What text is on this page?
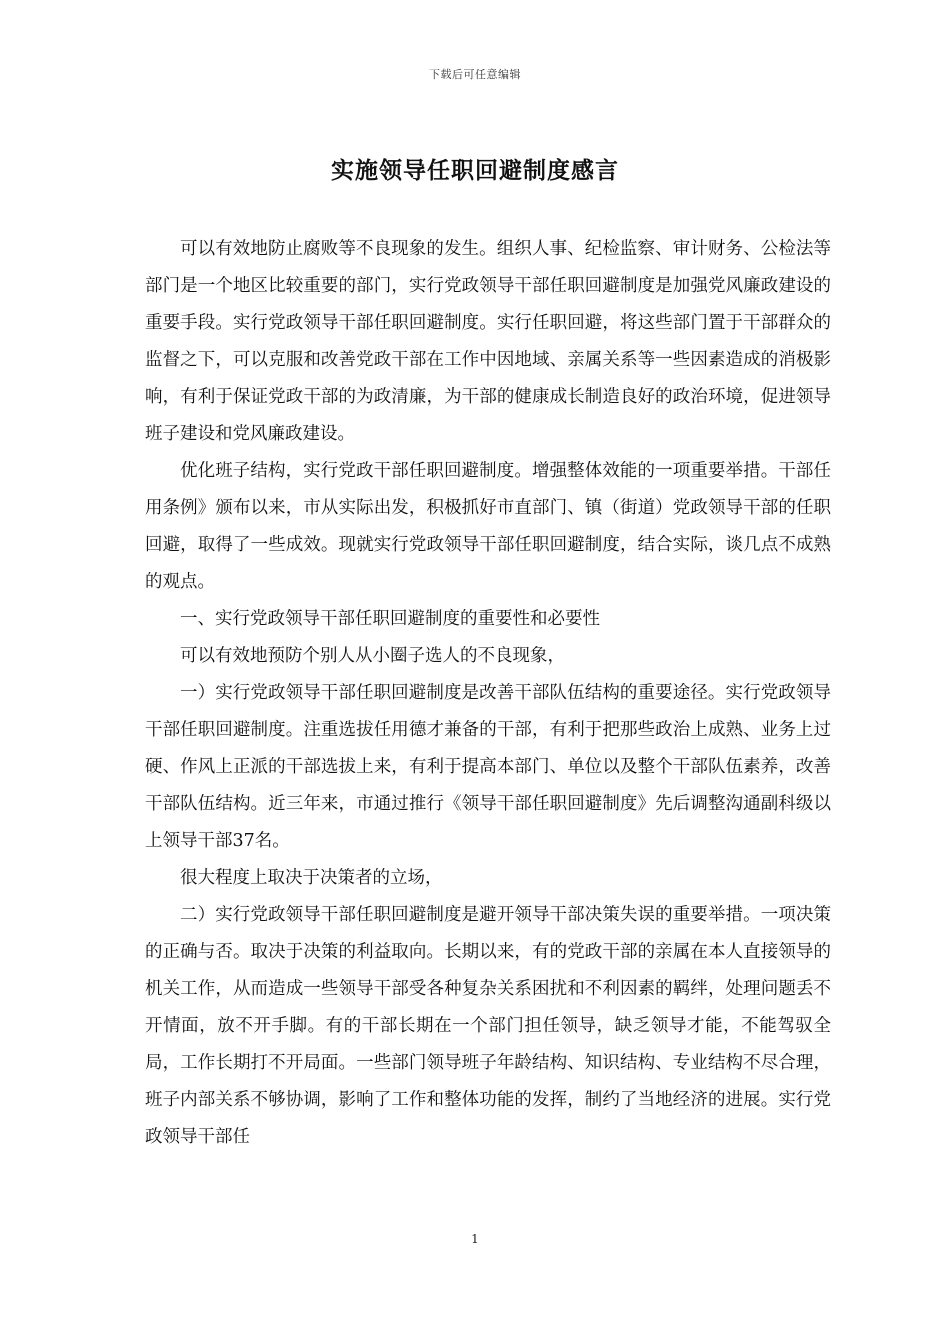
下载后可任意编辑
实施领导任职回避制度感言

可以有效地防止腐败等不良现象的发生。组织人事、纪检监察、审计财务、公检法等部门是一个地区比较重要的部门，实行党政领导干部任职回避制度是加强党风廉政建设的重要手段。实行党政领导干部任职回避制度。实行任职回避，将这些部门置于干部群众的监督之下，可以克服和改善党政干部在工作中因地域、亲属关系等一些因素造成的消极影响，有利于保证党政干部的为政清廉，为干部的健康成长制造良好的政治环境，促进领导班子建设和党风廉政建设。

优化班子结构，实行党政干部任职回避制度。增强整体效能的一项重要举措。干部任用条例》颁布以来，市从实际出发，积极抓好市直部门、镇（街道）党政领导干部的任职回避，取得了一些成效。现就实行党政领导干部任职回避制度，结合实际，谈几点不成熟的观点。

一、实行党政领导干部任职回避制度的重要性和必要性

可以有效地预防个别人从小圈子选人的不良现象，

一）实行党政领导干部任职回避制度是改善干部队伍结构的重要途径。实行党政领导干部任职回避制度。注重选拔任用德才兼备的干部，有利于把那些政治上成熟、业务上过硬、作风上正派的干部选拔上来，有利于提高本部门、单位以及整个干部队伍素养，改善干部队伍结构。近三年来，市通过推行《领导干部任职回避制度》先后调整沟通副科级以上领导干部37名。

很大程度上取决于决策者的立场，

二）实行党政领导干部任职回避制度是避开领导干部决策失误的重要举措。一项决策的正确与否。取决于决策的利益取向。长期以来，有的党政干部的亲属在本人直接领导的机关工作，从而造成一些领导干部受各种复杂关系困扰和不利因素的羁绊，处理问题丢不开情面，放不开手脚。有的干部长期在一个部门担任领导，缺乏领导才能，不能驾驭全局，工作长期打不开局面。一些部门领导班子年龄结构、知识结构、专业结构不尽合理，班子内部关系不够协调，影响了工作和整体功能的发挥，制约了当地经济的进展。实行党政领导干部任

1
